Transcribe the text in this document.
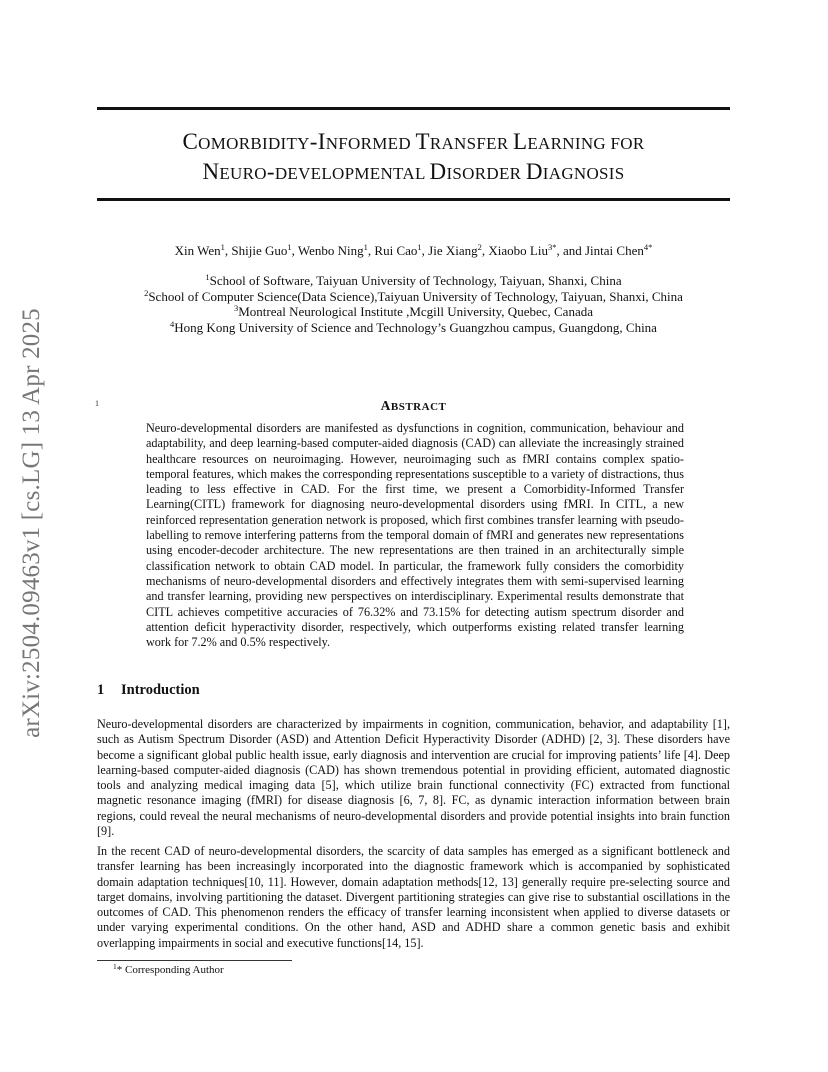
arXiv:2504.09463v1 [cs.LG] 13 Apr 2025
COMORBIDITY-INFORMED TRANSFER LEARNING FOR
NEURO-DEVELOPMENTAL DISORDER DIAGNOSIS
Xin Wen$^1$, Shijie Guo$^1$, Wenbo Ning$^1$, Rui Cao$^1$, Jie Xiang$^2$, Xiaobo Liu$^{3*}$, and Jintai Chen$^{4*}$
$^1$School of Software, Taiyuan University of Technology, Taiyuan, Shanxi, China
$^2$School of Computer Science(Data Science),Taiyuan University of Technology, Taiyuan, Shanxi, China
$^3$Montreal Neurological Institute ,Mcgill University, Quebec, Canada
$^4$Hong Kong University of Science and Technology’s Guangzhou campus, Guangdong, China
1	ABSTRACT
Neuro-developmental disorders are manifested as dysfunctions in cognition, communication, behaviour and adaptability, and deep learning-based computer-aided diagnosis (CAD) can alleviate the increasingly strained healthcare resources on neuroimaging. However, neuroimaging such as fMRI contains complex spatio-temporal features, which makes the corresponding representations susceptible to a variety of distractions, thus leading to less effective in CAD. For the first time, we present a Comorbidity-Informed Transfer Learning(CITL) framework for diagnosing neuro-developmental disorders using fMRI. In CITL, a new reinforced representation generation network is proposed, which first combines transfer learning with pseudo-labelling to remove interfering patterns from the temporal domain of fMRI and generates new representations using encoder-decoder architecture. The new representations are then trained in an architecturally simple classification network to obtain CAD model. In particular, the framework fully considers the comorbidity mechanisms of neuro-developmental disorders and effectively integrates them with semi-supervised learning and transfer learning, providing new perspectives on interdisciplinary. Experimental results demonstrate that CITL achieves competitive accuracies of 76.32% and 73.15% for detecting autism spectrum disorder and attention deficit hyperactivity disorder, respectively, which outperforms existing related transfer learning work for 7.2% and 0.5% respectively.
1 Introduction

Neuro-developmental disorders are characterized by impairments in cognition, communication, behavior, and adaptability [1], such as Autism Spectrum Disorder (ASD) and Attention Deficit Hyperactivity Disorder (ADHD) [2, 3]. These disorders have become a significant global public health issue, early diagnosis and intervention are crucial for improving patients’ life [4]. Deep learning-based computer-aided diagnosis (CAD) has shown tremendous potential in providing efficient, automated diagnostic tools and analyzing medical imaging data [5], which utilize brain functional connectivity (FC) extracted from functional magnetic resonance imaging (fMRI) for disease diagnosis [6, 7, 8]. FC, as dynamic interaction information between brain regions, could reveal the neural mechanisms of neuro-developmental disorders and provide potential insights into brain function [9].

In the recent CAD of neuro-developmental disorders, the scarcity of data samples has emerged as a significant bottleneck and transfer learning has been increasingly incorporated into the diagnostic framework which is accompanied by sophisticated domain adaptation techniques[10, 11]. However, domain adaptation methods[12, 13] generally require pre-selecting source and target domains, involving partitioning the dataset. Divergent partitioning strategies can give rise to substantial oscillations in the outcomes of CAD. This phenomenon renders the efficacy of transfer learning inconsistent when applied to diverse datasets or under varying experimental conditions. On the other hand, ASD and ADHD share a common genetic basis and exhibit overlapping impairments in social and executive functions[14, 15].

$^1$* Corresponding Author
